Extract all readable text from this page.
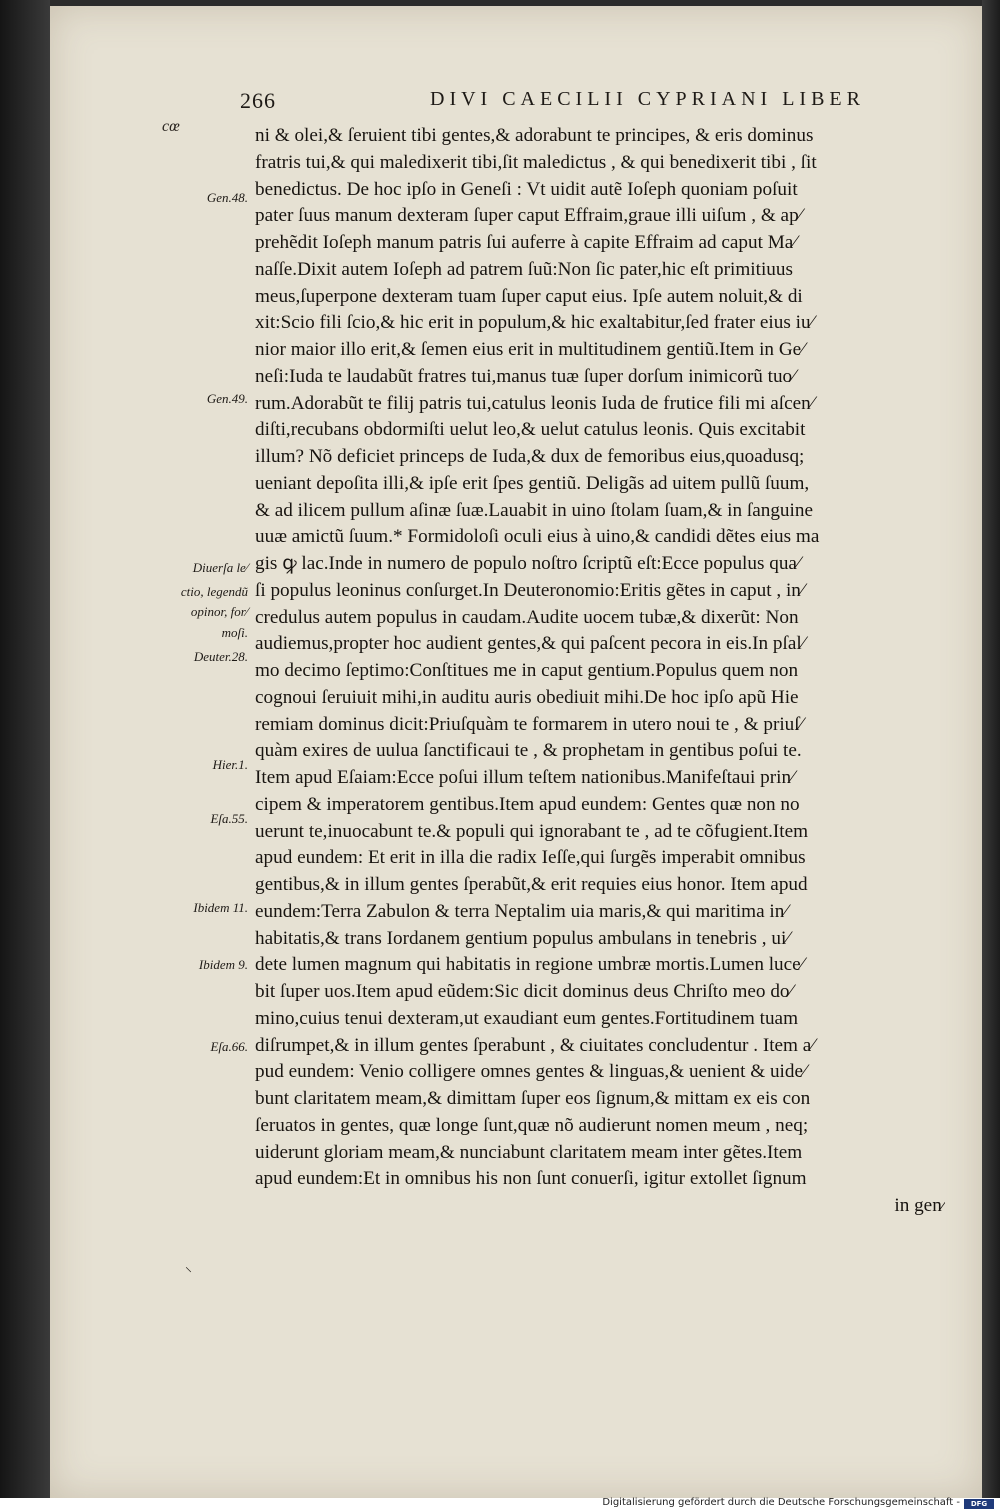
266	DIVI CAECILII CYPRIANI LIBER
cœ	ni & olei,& ſeruient tibi gentes,& adorabunt te principes, & eris dominus
fratris tui,& qui maledixerit tibi,ſit maledictus , & qui benedixerit tibi , ſit
benedictus. De hoc ipſo in Geneſi : Vt uidit autẽ Ioſeph quoniam poſuit
pater ſuus manum dexteram ſuper caput Effraim,graue illi uiſum , & ap⁄
prehẽdit Ioſeph manum patris ſui auferre à capite Effraim ad caput Ma⁄
naſſe.Dixit autem Ioſeph ad patrem ſuũ:Non ſic pater,hic eſt primitiuus
meus,ſuperpone dexteram tuam ſuper caput eius. Ipſe autem noluit,& di
xit:Scio fili ſcio,& hic erit in populum,& hic exaltabitur,ſed frater eius iu⁄
nior maior illo erit,& ſemen eius erit in multitudinem gentiũ.Item in Ge⁄
neſi:Iuda te laudabũt fratres tui,manus tuæ ſuper dorſum inimicorũ tuo⁄
rum.Adorabũt te filij patris tui,catulus leonis Iuda de frutice fili mi aſcen⁄
diſti,recubans obdormiſti uelut leo,& uelut catulus leonis. Quis excitabit
illum? Nõ deficiet princeps de Iuda,& dux de femoribus eius,quoadusq;
ueniant depoſita illi,& ipſe erit ſpes gentiũ. Deligãs ad uitem pullũ ſuum,
& ad ilicem pullum aſinæ ſuæ.Lauabit in uino ſtolam ſuam,& in ſanguine
uuæ amictũ ſuum.* Formidoloſi oculi eius à uino,& candidi dẽtes eius ma
gis ꝙ lac.Inde in numero de populo noſtro ſcriptũ eſt:Ecce populus qua⁄
ſi populus leoninus conſurget.In Deuteronomio:Eritis gẽtes in caput , in⁄
credulus autem populus in caudam.Audite uocem tubæ,& dixerũt: Non
audiemus,propter hoc audient gentes,& qui paſcent pecora in eis.In pſal⁄
mo decimo ſeptimo:Conſtitues me in caput gentium.Populus quem non
cognoui ſeruiuit mihi,in auditu auris obediuit mihi.De hoc ipſo apũ Hie
remiam dominus dicit:Priuſquàm te formarem in utero noui te , & priuſ⁄
quàm exires de uulua ſanctificaui te , & prophetam in gentibus poſui te.
Item apud Eſaiam:Ecce poſui illum teſtem nationibus.Manifeſtaui prin⁄
cipem & imperatorem gentibus.Item apud eundem: Gentes quæ non no
uerunt te,inuocabunt te.& populi qui ignorabant te , ad te cõfugient.Item
apud eundem: Et erit in illa die radix Ieſſe,qui ſurgẽs imperabit omnibus
gentibus,& in illum gentes ſperabũt,& erit requies eius honor. Item apud
eundem:Terra Zabulon & terra Neptalim uia maris,& qui maritima in⁄
habitatis,& trans Iordanem gentium populus ambulans in tenebris , ui⁄
dete lumen magnum qui habitatis in regione umbræ mortis.Lumen luce⁄
bit ſuper uos.Item apud eũdem:Sic dicit dominus deus Chriſto meo do⁄
mino,cuius tenui dexteram,ut exaudiant eum gentes.Fortitudinem tuam
diſrumpet,& in illum gentes ſperabunt , & ciuitates concludentur . Item a⁄
pud eundem: Venio colligere omnes gentes & linguas,& uenient & uide⁄
bunt claritatem meam,& dimittam ſuper eos ſignum,& mittam ex eis con
ſeruatos in gentes, quæ longe ſunt,quæ nõ audierunt nomen meum , neq;
uiderunt gloriam meam,& nunciabunt claritatem meam inter gẽtes.Item
apud eundem:Et in omnibus his non ſunt conuerſi, igitur extollet ſignum
in gen⁄
Gen.48.
Gen.49.
Diuerſa le⁄
ctio, legendũ
opinor, for⁄
moſi.
Deuter.28.
Hier.1.
Eſa.55.
Ibidem 11.
Ibidem 9.
Eſa.66.
⸌
Digitalisierung gefördert durch die Deutsche Forschungsgemeinschaft -	DFG
